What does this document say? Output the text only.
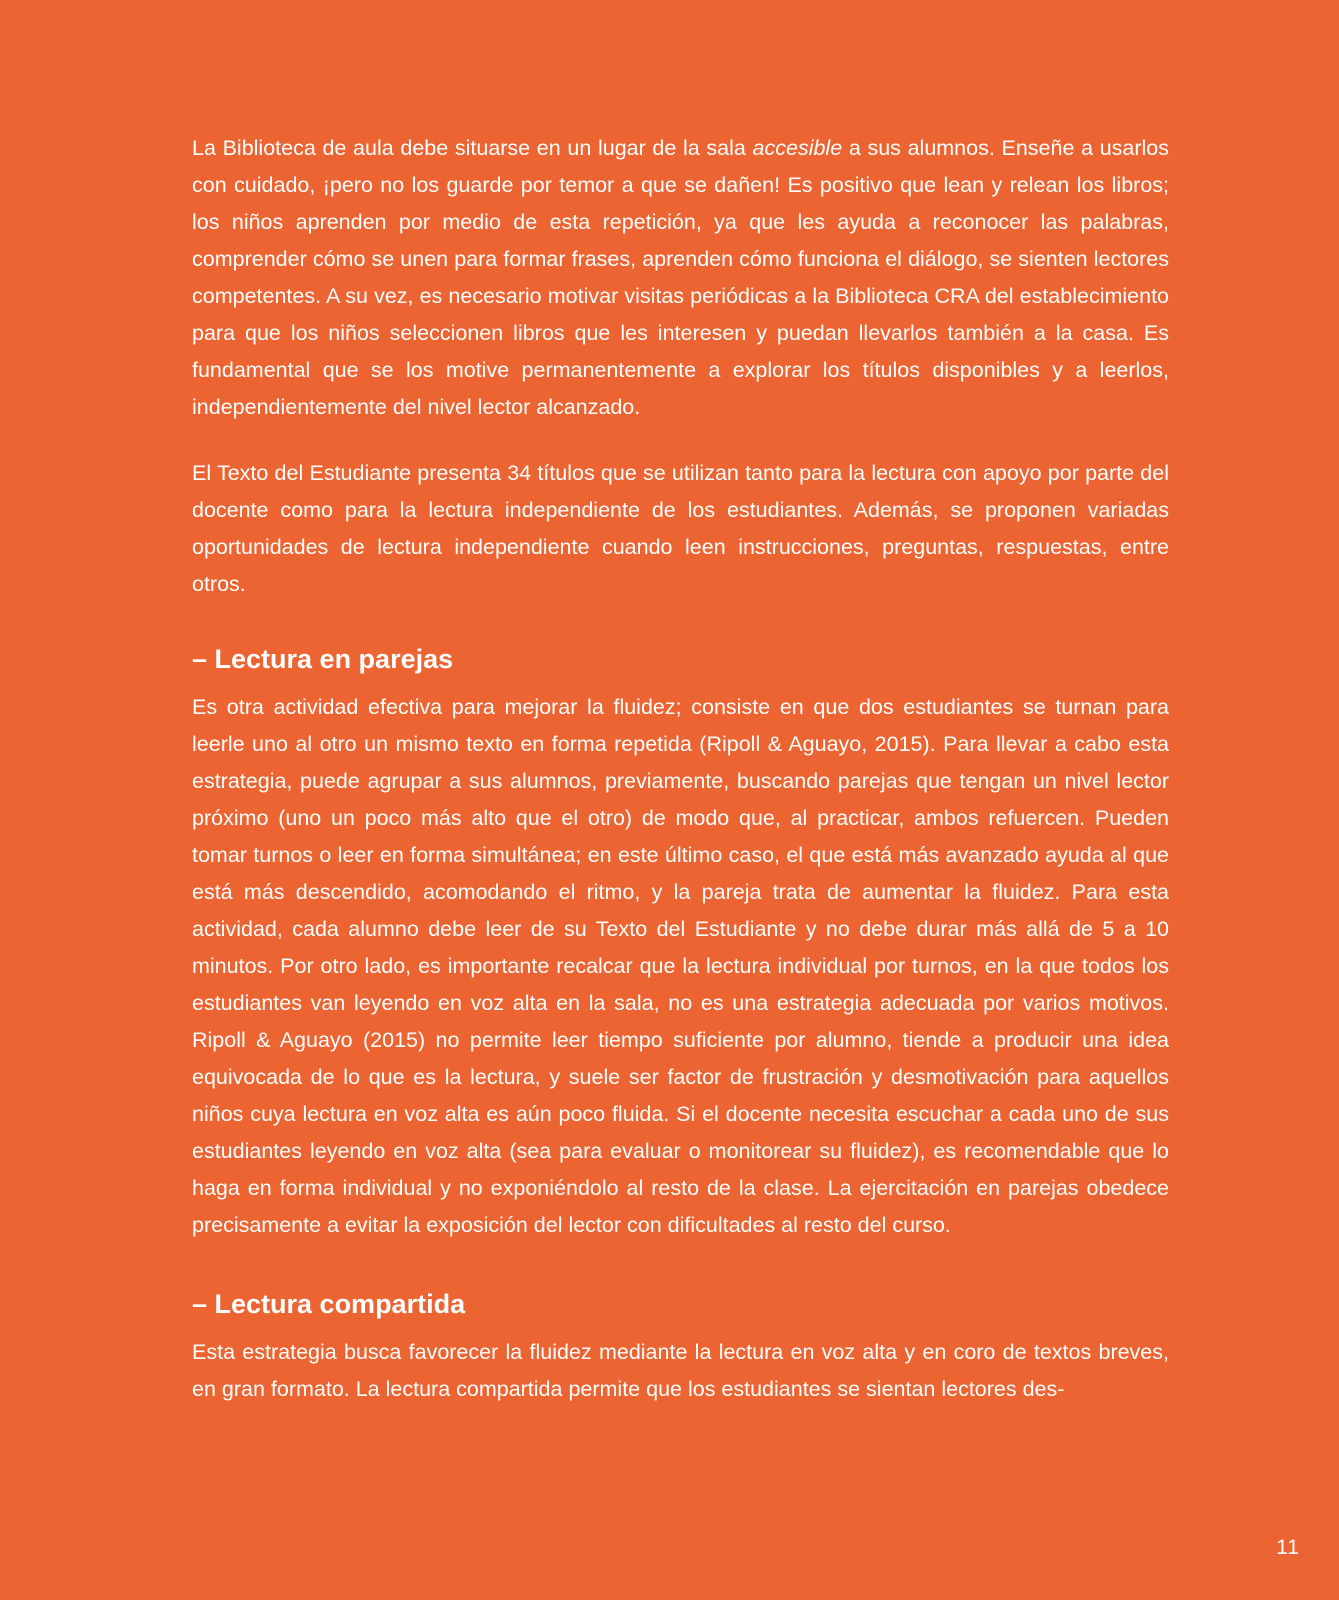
La Biblioteca de aula debe situarse en un lugar de la sala accesible a sus alumnos. Enseñe a usarlos con cuidado, ¡pero no los guarde por temor a que se dañen! Es positivo que lean y relean los libros; los niños aprenden por medio de esta repetición, ya que les ayuda a reconocer las palabras, comprender cómo se unen para formar frases, aprenden cómo funciona el diálogo, se sienten lectores competentes. A su vez, es necesario motivar visitas periódicas a la Biblioteca CRA del establecimiento para que los niños seleccionen libros que les interesen y puedan llevarlos también a la casa. Es fundamental que se los motive permanentemente a explorar los títulos disponibles y a leerlos, independientemente del nivel lector alcanzado.

El Texto del Estudiante presenta 34 títulos que se utilizan tanto para la lectura con apoyo por parte del docente como para la lectura independiente de los estudiantes. Además, se proponen variadas oportunidades de lectura independiente cuando leen instrucciones, preguntas, respuestas, entre otros.

– Lectura en parejas

Es otra actividad efectiva para mejorar la fluidez; consiste en que dos estudiantes se turnan para leerle uno al otro un mismo texto en forma repetida (Ripoll & Aguayo, 2015). Para llevar a cabo esta estrategia, puede agrupar a sus alumnos, previamente, buscando parejas que tengan un nivel lector próximo (uno un poco más alto que el otro) de modo que, al practicar, ambos refuercen. Pueden tomar turnos o leer en forma simultánea; en este último caso, el que está más avanzado ayuda al que está más descendido, acomodando el ritmo, y la pareja trata de aumentar la fluidez. Para esta actividad, cada alumno debe leer de su Texto del Estudiante y no debe durar más allá de 5 a 10 minutos. Por otro lado, es importante recalcar que la lectura individual por turnos, en la que todos los estudiantes van leyendo en voz alta en la sala, no es una estrategia adecuada por varios motivos. Ripoll & Aguayo (2015) no permite leer tiempo suficiente por alumno, tiende a producir una idea equivocada de lo que es la lectura, y suele ser factor de frustración y desmotivación para aquellos niños cuya lectura en voz alta es aún poco fluida. Si el docente necesita escuchar a cada uno de sus estudiantes leyendo en voz alta (sea para evaluar o monitorear su fluidez), es recomendable que lo haga en forma individual y no exponiéndolo al resto de la clase. La ejercitación en parejas obedece precisamente a evitar la exposición del lector con dificultades al resto del curso.

– Lectura compartida

Esta estrategia busca favorecer la fluidez mediante la lectura en voz alta y en coro de textos breves, en gran formato. La lectura compartida permite que los estudiantes se sientan lectores des-

11
